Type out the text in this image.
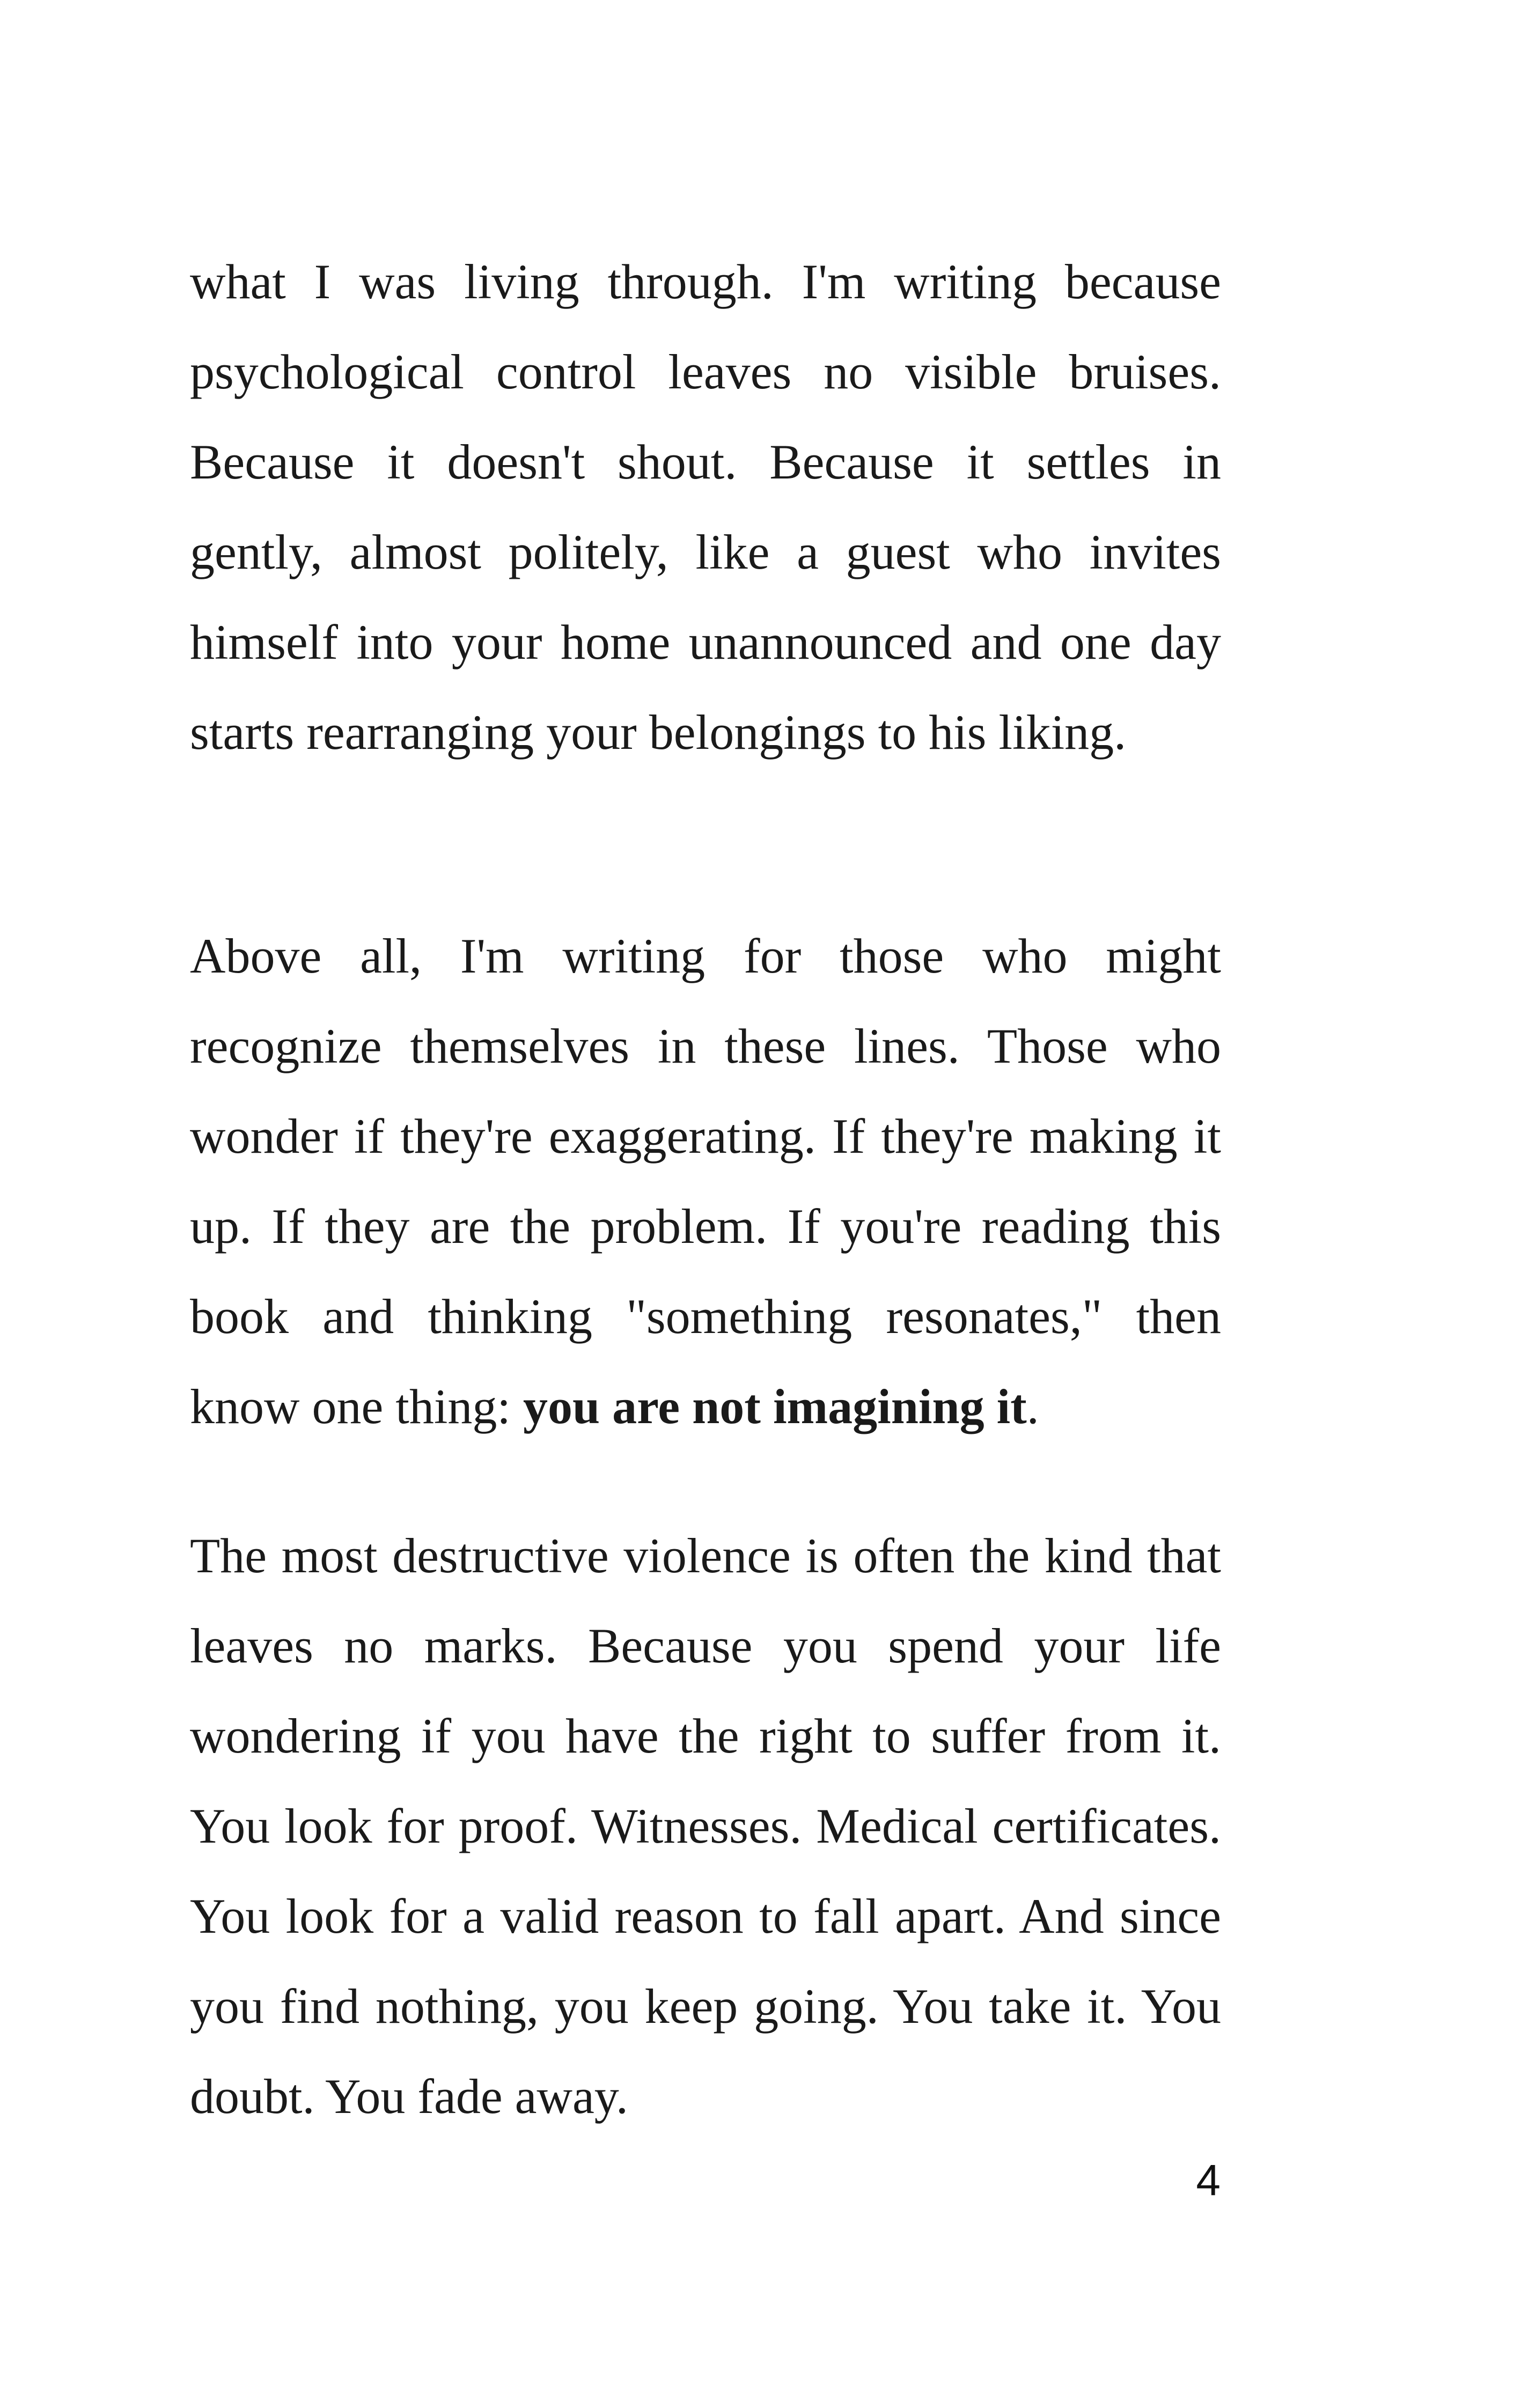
what I was living through. I'm writing because psychological control leaves no visible bruises. Because it doesn't shout. Because it settles in gently, almost politely, like a guest who invites himself into your home unannounced and one day starts rearranging your belongings to his liking.

Above all, I'm writing for those who might recognize themselves in these lines. Those who wonder if they're exaggerating. If they're making it up. If they are the problem. If you're reading this book and thinking "something resonates," then know one thing: you are not imagining it.

The most destructive violence is often the kind that leaves no marks. Because you spend your life wondering if you have the right to suffer from it. You look for proof. Witnesses. Medical certificates. You look for a valid reason to fall apart. And since you find nothing, you keep going. You take it. You doubt. You fade away.

4
